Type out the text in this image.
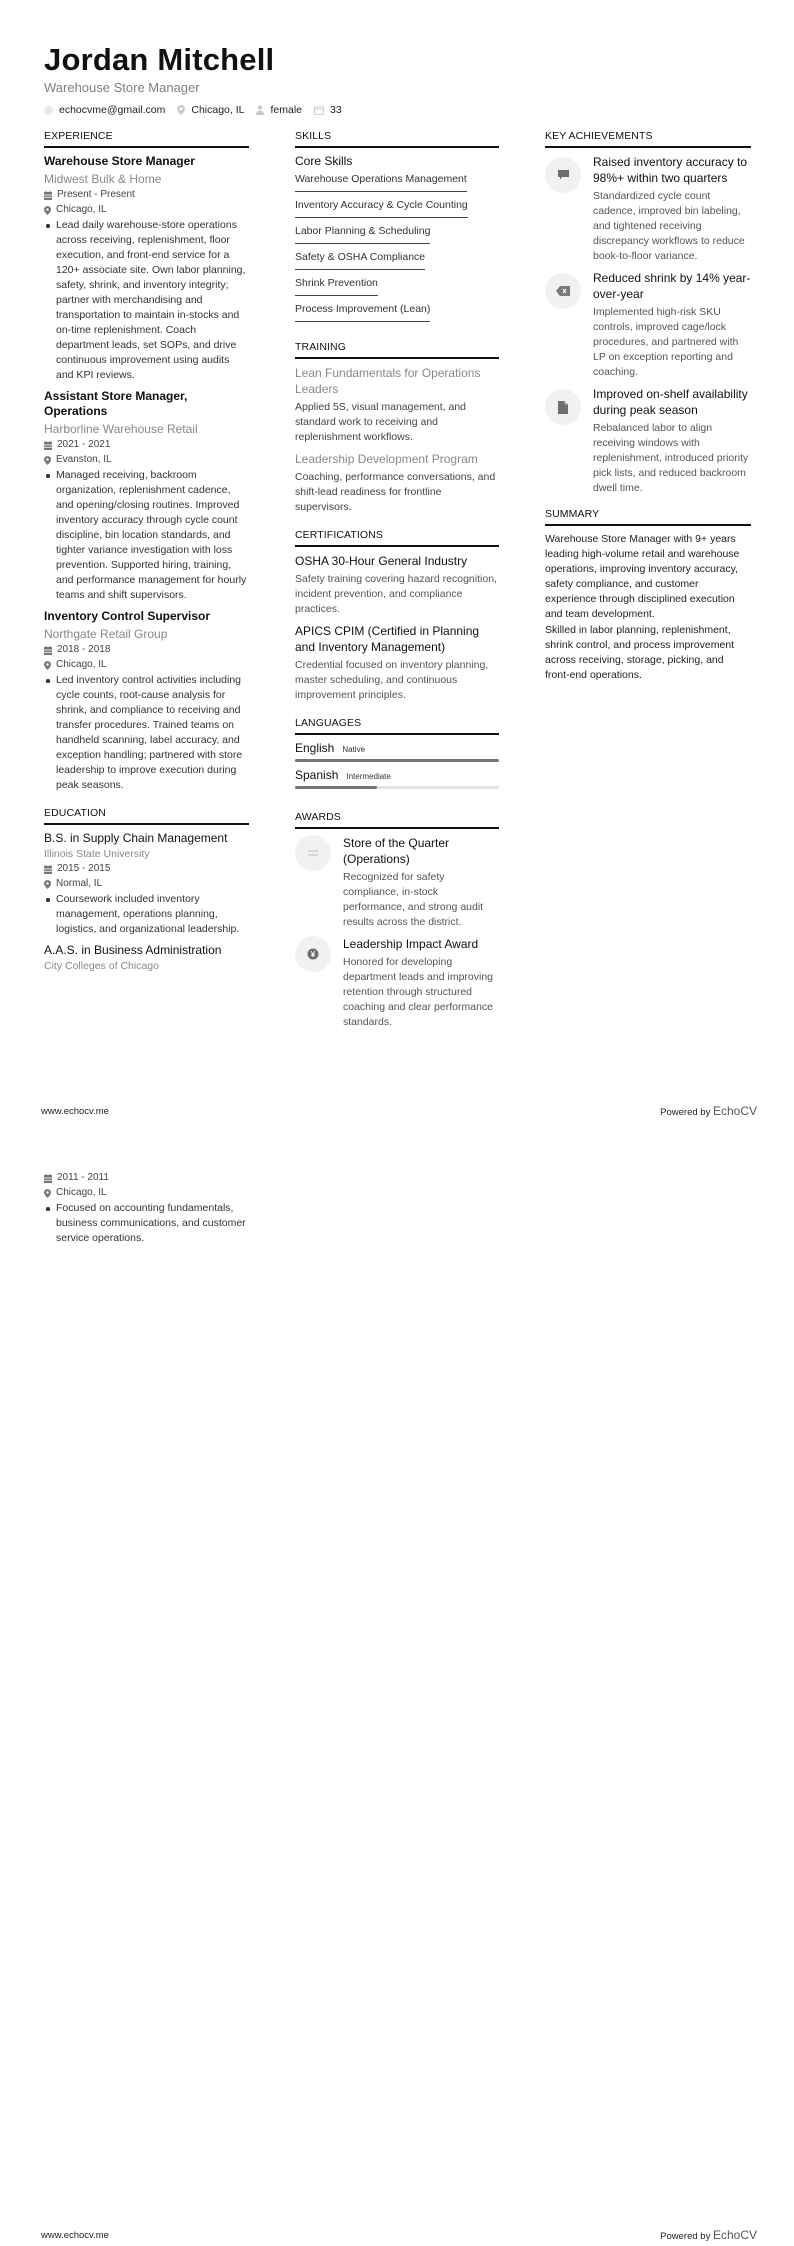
Jordan Mitchell
Warehouse Store Manager
echocvme@gmail.com Chicago, IL female	33
EXPERIENCE
Warehouse Store Manager
Midwest Bulk & Home
Present - Present
Chicago, IL
Lead daily warehouse-store operations across receiving, replenishment, floor execution, and front-end service for a 120+ associate site. Own labor planning, safety, shrink, and inventory integrity; partner with merchandising and transportation to maintain in-stocks and on-time replenishment. Coach department leads, set SOPs, and drive continuous improvement using audits and KPI reviews.
Assistant Store Manager, Operations
Harborline Warehouse Retail
2021 - 2021
Evanston, IL
Managed receiving, backroom organization, replenishment cadence, and opening/closing routines. Improved inventory accuracy through cycle count discipline, bin location standards, and tighter variance investigation with loss prevention. Supported hiring, training, and performance management for hourly teams and shift supervisors.
Inventory Control Supervisor
Northgate Retail Group
2018 - 2018
Chicago, IL
Led inventory control activities including cycle counts, root-cause analysis for shrink, and compliance to receiving and transfer procedures. Trained teams on handheld scanning, label accuracy, and exception handling; partnered with store leadership to improve execution during peak seasons.
EDUCATION
B.S. in Supply Chain Management
Illinois State University
2015 - 2015
Normal, IL
Coursework included inventory management, operations planning, logistics, and organizational leadership.
A.A.S. in Business Administration
City Colleges of Chicago
SKILLS
Core Skills
Warehouse Operations Management
Inventory Accuracy & Cycle Counting
Labor Planning & Scheduling
Safety & OSHA Compliance
Shrink Prevention
Process Improvement (Lean)
TRAINING
Lean Fundamentals for Operations Leaders
Applied 5S, visual management, and standard work to receiving and replenishment workflows.
Leadership Development Program
Coaching, performance conversations, and shift-lead readiness for frontline supervisors.
CERTIFICATIONS
OSHA 30-Hour General Industry
Safety training covering hazard recognition, incident prevention, and compliance practices.
APICS CPIM (Certified in Planning and Inventory Management)
Credential focused on inventory planning, master scheduling, and continuous improvement principles.
LANGUAGES
English Native
Spanish Intermediate
AWARDS
Store of the Quarter (Operations)
Recognized for safety compliance, in-stock performance, and strong audit results across the district.
Leadership Impact Award
Honored for developing department leads and improving retention through structured coaching and clear performance standards.
KEY ACHIEVEMENTS
Raised inventory accuracy to 98%+ within two quarters
Standardized cycle count cadence, improved bin labeling, and tightened receiving discrepancy workflows to reduce book-to-floor variance.
Reduced shrink by 14% year-over-year
Implemented high-risk SKU controls, improved cage/lock procedures, and partnered with LP on exception reporting and coaching.
Improved on-shelf availability during peak season
Rebalanced labor to align receiving windows with replenishment, introduced priority pick lists, and reduced backroom dwell time.
SUMMARY

Warehouse Store Manager with 9+ years leading high-volume retail and warehouse operations, improving inventory accuracy, safety compliance, and customer experience through disciplined execution and team development.

Skilled in labor planning, replenishment, shrink control, and process improvement across receiving, storage, picking, and front-end operations.

www.echocv.me	Powered by EchoCV
2011 - 2011
Chicago, IL
Focused on accounting fundamentals, business communications, and customer service operations.
www.echocv.me	Powered by EchoCV
